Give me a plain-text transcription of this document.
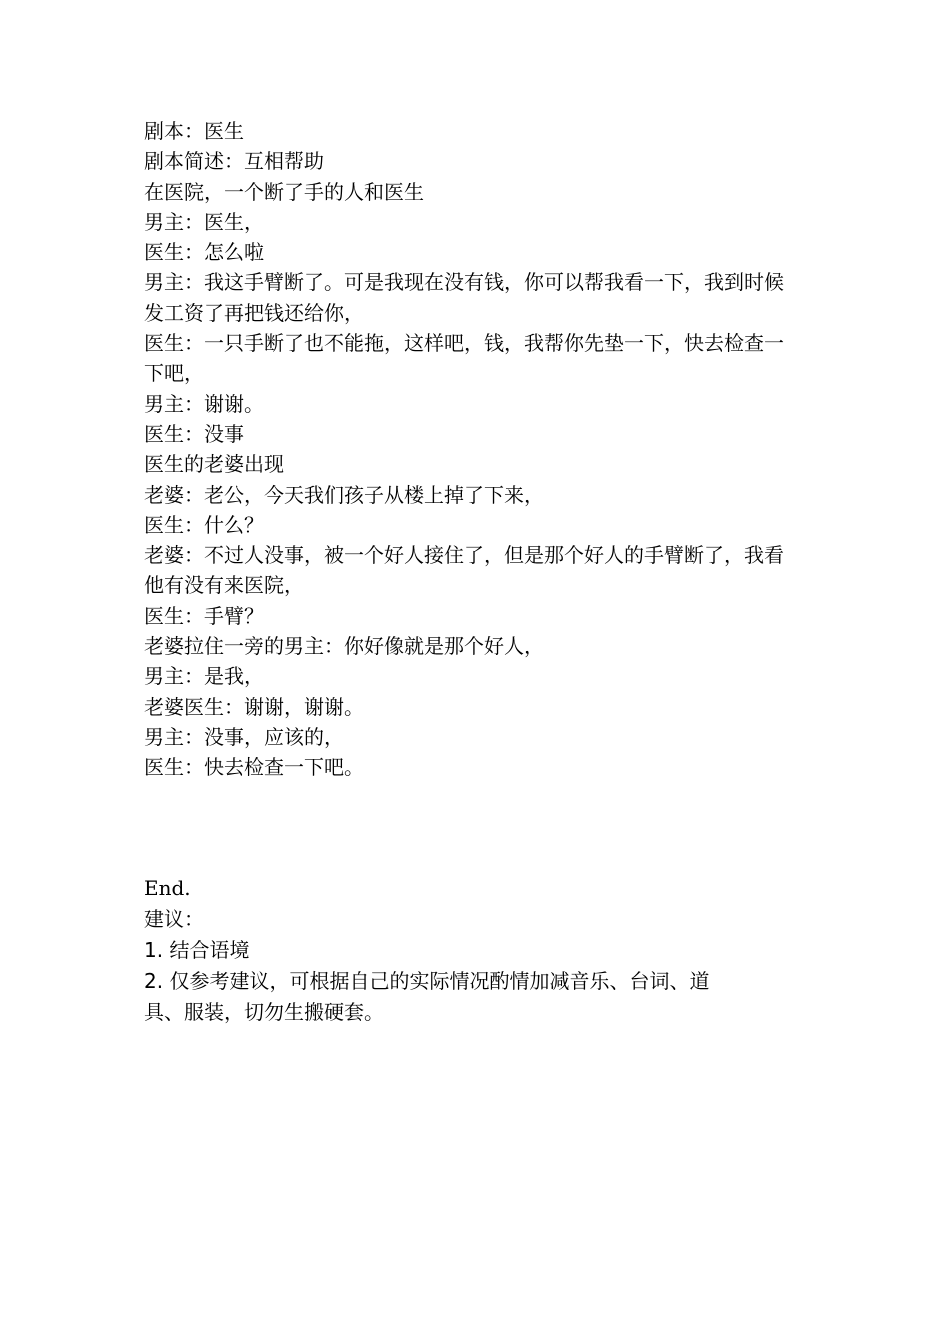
剧本：医生

剧本简述：互相帮助

在医院，一个断了手的人和医生

男主：医生，

医生：怎么啦

男主：我这手臂断了。可是我现在没有钱，你可以帮我看一下，我到时候发工资了再把钱还给你，

医生：一只手断了也不能拖，这样吧，钱，我帮你先垫一下，快去检查一下吧，

男主：谢谢。

医生：没事

医生的老婆出现

老婆：老公，今天我们孩子从楼上掉了下来，

医生：什么？

老婆：不过人没事，被一个好人接住了，但是那个好人的手臂断了，我看他有没有来医院，

医生：手臂？

老婆拉住一旁的男主：你好像就是那个好人，

男主：是我，

老婆医生：谢谢，谢谢。

男主：没事，应该的，

医生：快去检查一下吧。

End.

建议：

1. 结合语境

2. 仅参考建议，可根据自己的实际情况酌情加减音乐、台词、道具、服装，切勿生搬硬套。
